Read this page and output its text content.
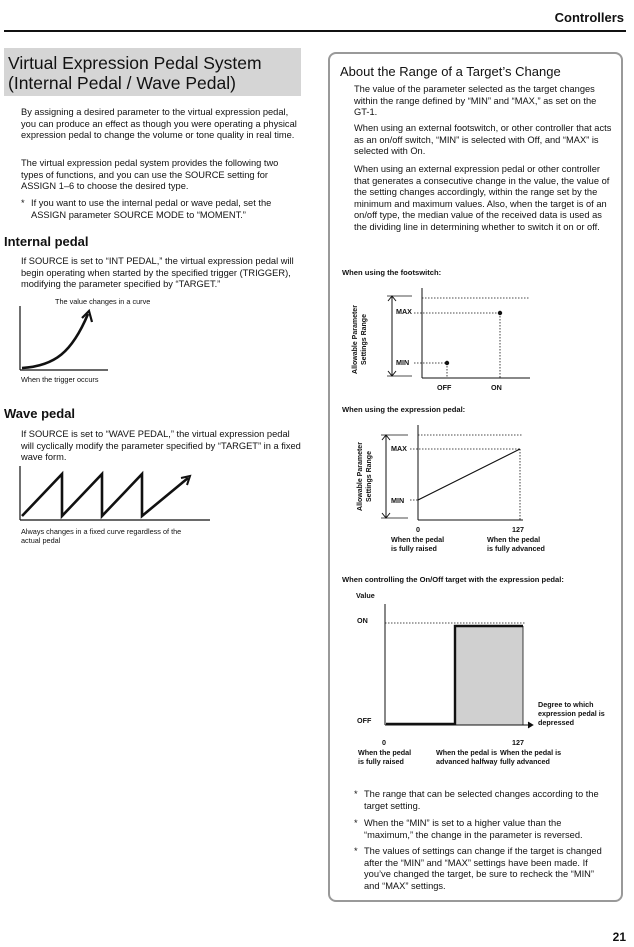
Controllers
Virtual Expression Pedal System (Internal Pedal / Wave Pedal)
By assigning a desired parameter to the virtual expression pedal, you can produce an effect as though you were operating a physical expression pedal to change the volume or tone quality in real time.
The virtual expression pedal system provides the following two types of functions, and you can use the SOURCE setting for ASSIGN 1–6 to choose the desired type.
* If you want to use the internal pedal or wave pedal, set the ASSIGN parameter SOURCE MODE to “MOMENT.”
Internal pedal
If SOURCE is set to “INT PEDAL,” the virtual expression pedal will begin operating when started by the specified trigger (TRIGGER), modifying the parameter specified by “TARGET.”
The value changes in a curve
When the trigger occurs
Wave pedal
If SOURCE is set to “WAVE PEDAL,” the virtual expression pedal will cyclically modify the parameter specified by “TARGET” in a fixed wave form.
Always changes in a fixed curve regardless of the actual pedal
About the Range of a Target’s Change
The value of the parameter selected as the target changes within the range defined by “MIN” and “MAX,” as set on the GT-1.
When using an external footswitch, or other controller that acts as an on/off switch, “MIN” is selected with Off, and “MAX” is selected with On.
When using an external expression pedal or other controller that generates a consecutive change in the value, the value of the setting changes accordingly, within the range set by the minimum and maximum values. Also, when the target is of an on/off type, the median value of the received data is used as the dividing line in determining whether to switch it on or off.
When using the footswitch:
Allowable Parameter Settings Range
MAX
MIN
OFF	ON
When using the expression pedal:
Allowable Parameter Settings Range
MAX
MIN
0	127
When the pedal is fully raised
When the pedal is fully advanced
When controlling the On/Off target with the expression pedal:
Value
ON
OFF
Degree to which expression pedal is depressed
0	127
When the pedal is fully raised
When the pedal is advanced halfway
When the pedal is fully advanced
* The range that can be selected changes according to the target setting.
* When the “MIN” is set to a higher value than the “maximum,” the change in the parameter is reversed.
* The values of settings can change if the target is changed after the “MIN” and “MAX” settings have been made. If you’ve changed the target, be sure to recheck the “MIN” and “MAX” settings.
21
